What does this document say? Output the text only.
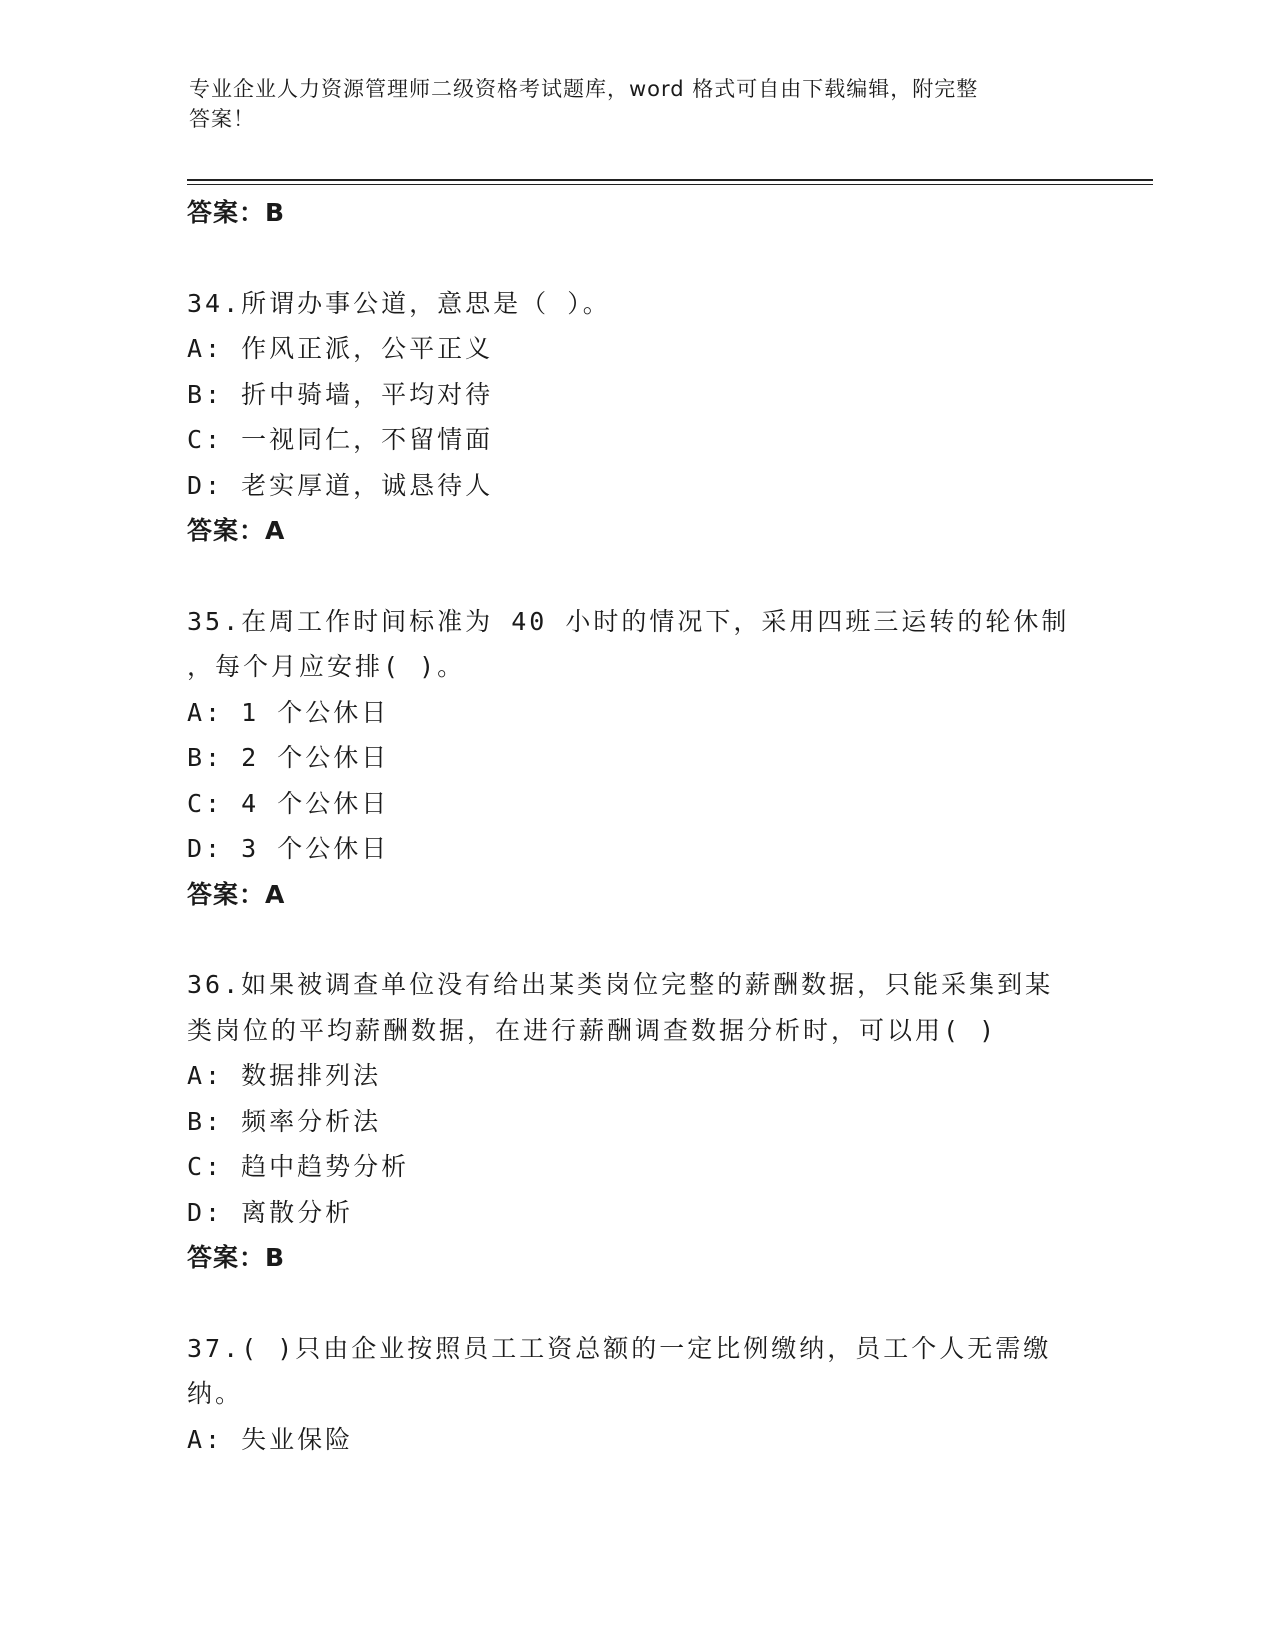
专业企业人力资源管理师二级资格考试题库，word 格式可自由下载编辑，附完整
答案！
答案：B
34.所谓办事公道，意思是（ ）。
A: 作风正派，公平正义
B: 折中骑墙，平均对待
C: 一视同仁，不留情面
D: 老实厚道，诚恳待人
答案：A

35.在周工作时间标准为 40 小时的情况下，采用四班三运转的轮休制

，每个月应安排( )。

A: 1 个公休日
B: 2 个公休日
C: 4 个公休日
D: 3 个公休日
答案：A

36.如果被调查单位没有给出某类岗位完整的薪酬数据，只能采集到某

类岗位的平均薪酬数据，在进行薪酬调查数据分析时，可以用( )

A: 数据排列法
B: 频率分析法
C: 趋中趋势分析
D: 离散分析
答案：B

37.( )只由企业按照员工工资总额的一定比例缴纳，员工个人无需缴

纳。

A: 失业保险
